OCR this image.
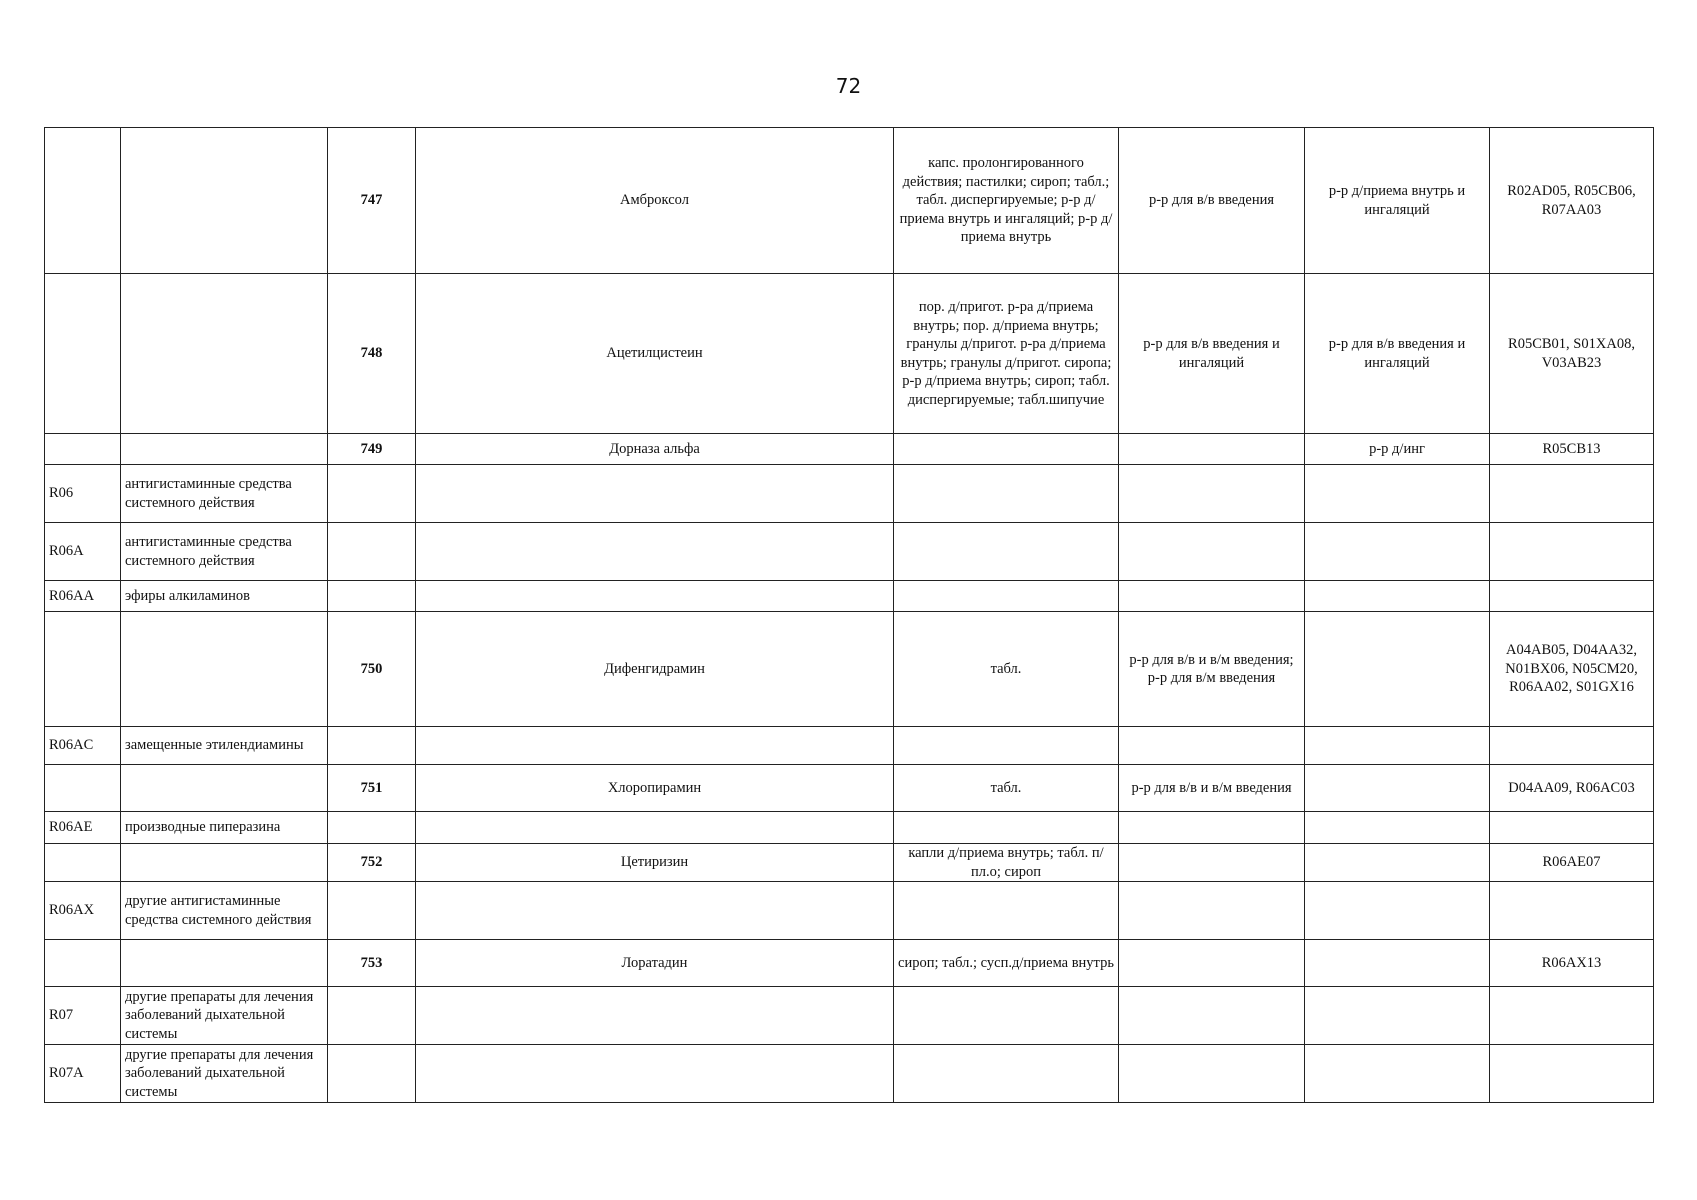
72
		747	Амброксол	капс. пролонгированного действия; пастилки; сироп; табл.; табл. диспергируемые; р-р д/приема внутрь и ингаляций; р-р д/приема внутрь	р-р для в/в введения	р-р д/приема внутрь и ингаляций	R02AD05, R05CB06, R07AA03
		748	Ацетилцистеин	пор. д/пригот. р-ра д/приема внутрь; пор. д/приема внутрь; гранулы д/пригот. р-ра д/приема внутрь; гранулы д/пригот. сиропа; р-р д/приема внутрь; сироп; табл. диспергируемые; табл.шипучие	р-р для в/в введения и ингаляций	р-р для в/в введения и ингаляций	R05CB01, S01XA08, V03AB23
		749	Дорназа альфа			р-р д/инг	R05CB13
R06	антигистаминные средства системного действия						
R06A	антигистаминные средства системного действия						
R06AA	эфиры алкиламинов						
		750	Дифенгидрамин	табл.	р-р для в/в и в/м введения; р-р для в/м введения		A04AB05, D04AA32, N01BX06, N05CM20, R06AA02, S01GX16
R06AC	замещенные этилендиамины						
		751	Хлоропирамин	табл.	р-р для в/в и в/м введения		D04AA09, R06AC03
R06AE	производные пиперазина						
		752	Цетиризин	капли д/приема внутрь; табл. п/пл.о; сироп			R06AE07
R06AX	другие антигистаминные средства системного действия						
		753	Лоратадин	сироп; табл.; сусп.д/приема внутрь			R06AX13
R07	другие препараты для лечения заболеваний дыхательной системы						
R07A	другие препараты для лечения заболеваний дыхательной системы						
